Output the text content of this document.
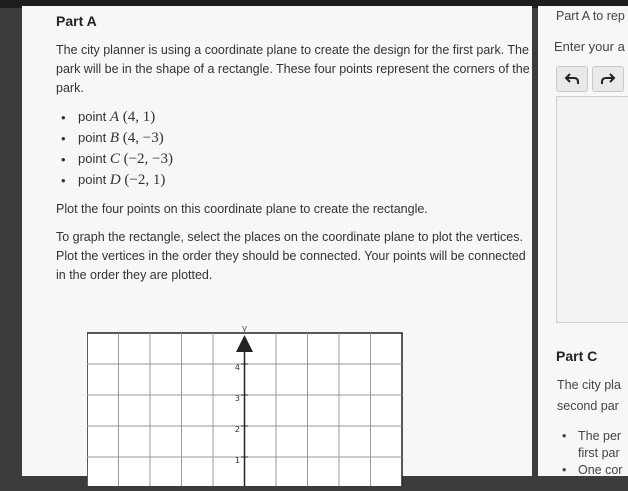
Part A

The city planner is using a coordinate plane to create the design for the first park. The park will be in the shape of a rectangle. These four points represent the corners of the park.

• point A (4, 1)
• point B (4, −3)
• point C (−2, −3)
• point D (−2, 1)

Plot the four points on this coordinate plane to create the rectangle.

To graph the rectangle, select the places on the coordinate plane to plot the vertices. Plot the vertices in the order they should be connected. Your points will be connected in the order they are plotted.

y
4
3
2
1
Part A to rep
Enter your a
Part C
The city pla
second par
• The per
first par
• One cor
